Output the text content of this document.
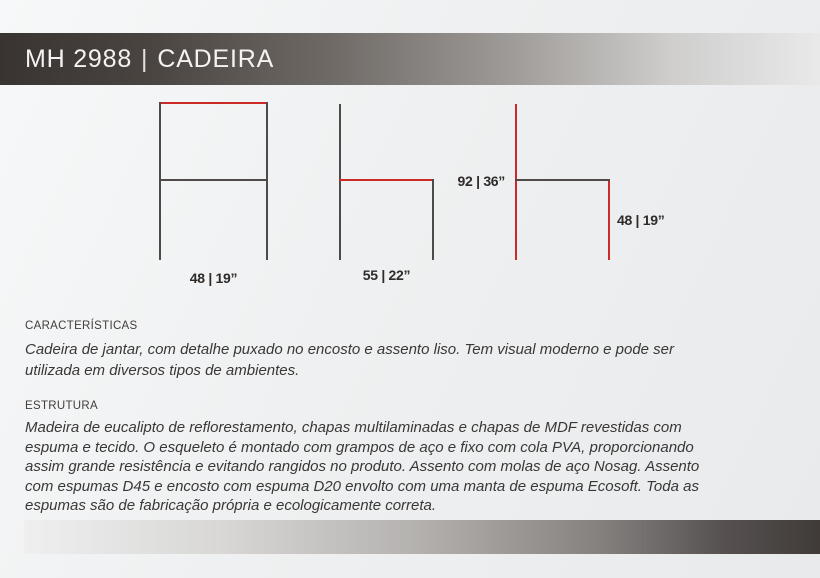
MH 2988 | CADEIRA
48 | 19”	55 | 22”
92 | 36”
48 | 19”
CARACTERÍSTICAS
Cadeira de jantar, com detalhe puxado no encosto e assento liso. Tem visual moderno e pode ser utilizada em diversos tipos de ambientes.
ESTRUTURA
Madeira de eucalipto de reflorestamento, chapas multilaminadas e chapas de MDF revestidas com espuma e tecido. O esqueleto é montado com grampos de aço e fixo com cola PVA, proporcionando assim grande resistência e evitando rangidos no produto. Assento com molas de aço Nosag. Assento com espumas D45 e encosto com espuma D20 envolto com uma manta de espuma Ecosoft. Toda as espumas são de fabricação própria e ecologicamente correta.
